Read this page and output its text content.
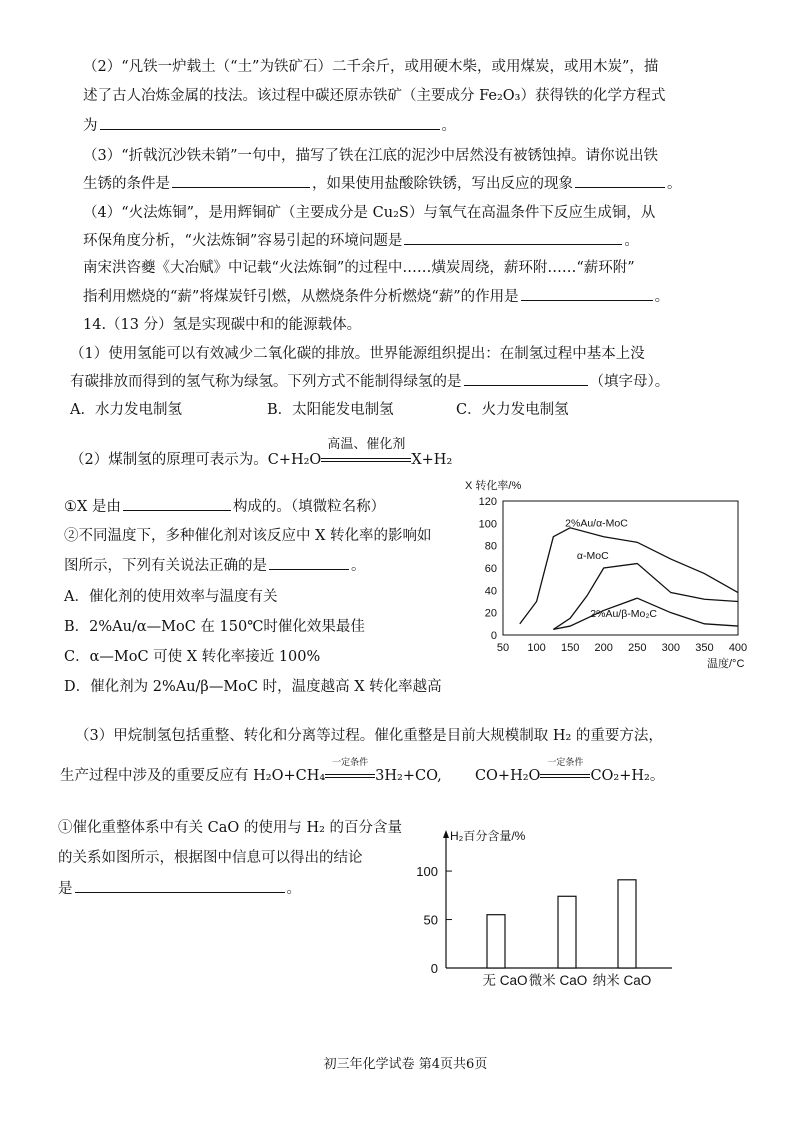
（2）“凡铁一炉载土（“土”为铁矿石）二千余斤，或用硬木柴，或用煤炭，或用木炭”，描
述了古人冶炼金属的技法。该过程中碳还原赤铁矿（主要成分 Fe₂O₃）获得铁的化学方程式
为	。
（3）“折戟沉沙铁未销”一句中，描写了铁在江底的泥沙中居然没有被锈蚀掉。请你说出铁
生锈的条件是	，如果使用盐酸除铁锈，写出反应的现象	。
（4）“火法炼铜”，是用辉铜矿（主要成分是 Cu₂S）与氧气在高温条件下反应生成铜，从
环保角度分析，“火法炼铜”容易引起的环境问题是	。
南宋洪咨夔《大冶赋》中记载“火法炼铜”的过程中……熿炭周绕，薪环附……“薪环附”
指利用燃烧的“薪”将煤炭钎引燃，从燃烧条件分析燃烧“薪”的作用是	。
14.（13 分）氢是实现碳中和的能源载体。
（1）使用氢能可以有效减少二氧化碳的排放。世界能源组织提出：在制氢过程中基本上没
有碳排放而得到的氢气称为绿氢。下列方式不能制得绿氢的是	（填字母）。
A．水力发电制氢	B．太阳能发电制氢	C．火力发电制氢
（2）煤制氢的原理可表示为。C+H₂O
高温、催化剂
X+H₂
①X 是由	构成的。（填微粒名称）
②不同温度下，多种催化剂对该反应中 X 转化率的影响如
图所示，下列有关说法正确的是	。
A．催化剂的使用效率与温度有关
B．2%Au/α—MoC 在 150℃时催化效果最佳
C．α—MoC 可使 X 转化率接近 100%
D．催化剂为 2%Au/β—MoC 时，温度越高 X 转化率越高
X 转化率/%
温度/°C
0
20
40
60
80
100
120
50 100 150 200 250 300 350 400
2%Au/α-MoC
α-MoC
2%Au/β-Mo₂C
（3）甲烷制氢包括重整、转化和分离等过程。催化重整是目前大规模制取 H₂ 的重要方法，
生产过程中涉及的重要反应有 H₂O+CH₄
一定条件
3H₂+CO, CO+H₂O
一定条件
CO₂+H₂。
①催化重整体系中有关 CaO 的使用与 H₂ 的百分含量
的关系如图所示，根据图中信息可以得出的结论
是	。
H₂百分含量/%
0
50
100
无 CaO 微米 CaO 纳米 CaO
初三年化学试卷 第4页共6页
